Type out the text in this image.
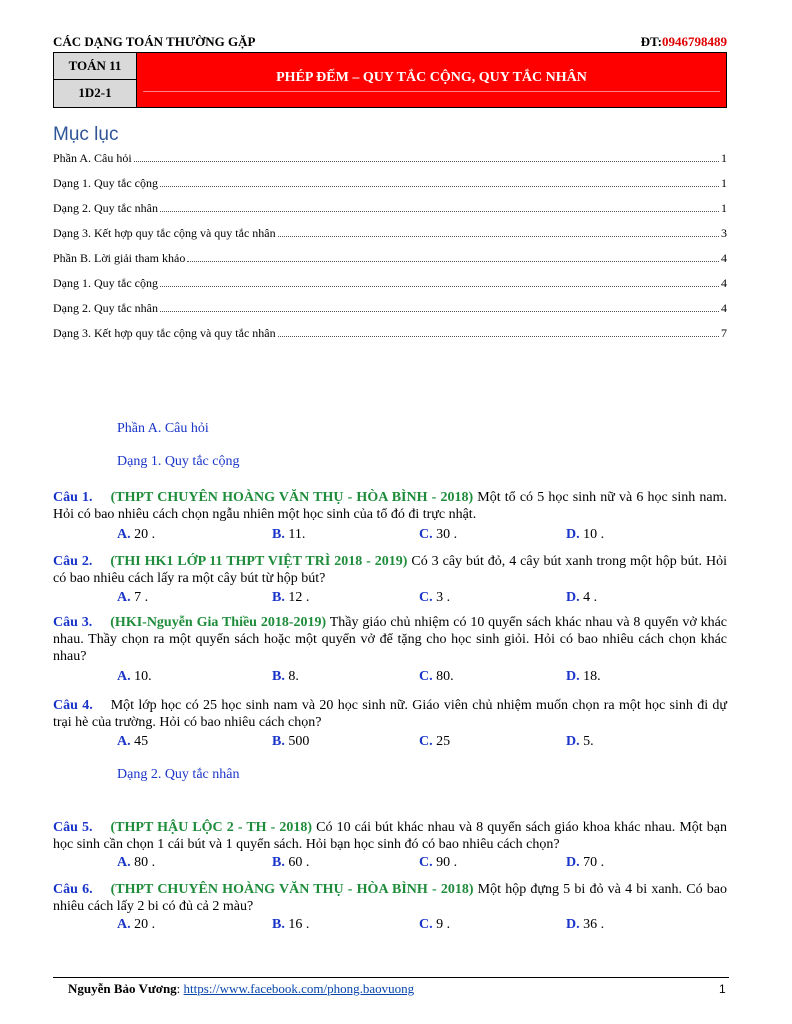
CÁC DẠNG TOÁN THƯỜNG GẶP	ĐT:0946798489
TOÁN 11
1D2-1
PHÉP ĐẾM – QUY TẮC CỘNG, QUY TẮC NHÂN
Mục lục
Phần A. Câu hỏi	1
Dạng 1. Quy tắc cộng	1
Dạng 2. Quy tắc nhân	1
Dạng 3. Kết hợp quy tắc cộng và quy tắc nhân	3
Phần B. Lời giải tham khảo	4
Dạng 1. Quy tắc cộng	4
Dạng 2. Quy tắc nhân	4
Dạng 3. Kết hợp quy tắc cộng và quy tắc nhân	7
Phần A. Câu hỏi
Dạng 1. Quy tắc cộng
Câu 1. (THPT CHUYÊN HOÀNG VĂN THỤ - HÒA BÌNH - 2018) Một tổ có 5 học sinh nữ và 6 học sinh nam. Hỏi có bao nhiêu cách chọn ngẫu nhiên một học sinh của tổ đó đi trực nhật.
A. 20 .	B. 11.	C. 30 .	D. 10 .
Câu 2. (THI HK1 LỚP 11 THPT VIỆT TRÌ 2018 - 2019) Có 3 cây bút đỏ, 4 cây bút xanh trong một hộp bút. Hỏi có bao nhiêu cách lấy ra một cây bút từ hộp bút?
A. 7 .	B. 12 .	C. 3 .	D. 4 .
Câu 3. (HKI-Nguyễn Gia Thiều 2018-2019) Thầy giáo chủ nhiệm có 10 quyển sách khác nhau và 8 quyển vở khác nhau. Thầy chọn ra một quyển sách hoặc một quyển vở để tặng cho học sinh giỏi. Hỏi có bao nhiêu cách chọn khác nhau?
A. 10.	B. 8.	C. 80.	D. 18.
Câu 4. Một lớp học có 25 học sinh nam và 20 học sinh nữ. Giáo viên chủ nhiệm muốn chọn ra một học sinh đi dự trại hè của trường. Hỏi có bao nhiêu cách chọn?
A. 45	B. 500	C. 25	D. 5.
Dạng 2. Quy tắc nhân
Câu 5. (THPT HẬU LỘC 2 - TH - 2018) Có 10 cái bút khác nhau và 8 quyển sách giáo khoa khác nhau. Một bạn học sinh cần chọn 1 cái bút và 1 quyển sách. Hỏi bạn học sinh đó có bao nhiêu cách chọn?
A. 80 .	B. 60 .	C. 90 .	D. 70 .
Câu 6. (THPT CHUYÊN HOÀNG VĂN THỤ - HÒA BÌNH - 2018) Một hộp đựng 5 bi đỏ và 4 bi xanh. Có bao nhiêu cách lấy 2 bi có đủ cả 2 màu?
A. 20 .	B. 16 .	C. 9 .	D. 36 .
Nguyễn Bảo Vương: https://www.facebook.com/phong.baovuong	1
